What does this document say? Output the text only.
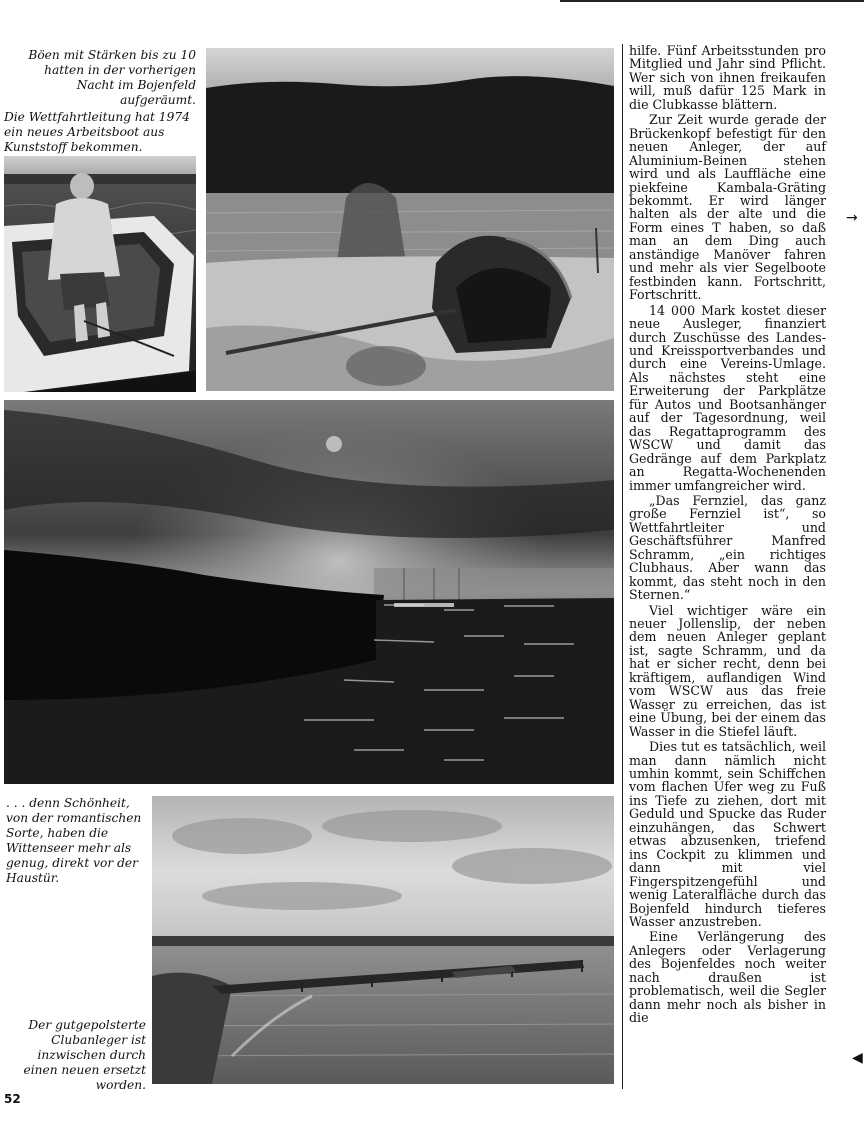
Böen mit Stärken bis zu 10 hatten in der vorherigen Nacht im Bojenfeld aufgeräumt.

Die Wettfahrtleitung hat 1974 ein neues Arbeitsboot aus Kunststoff bekommen.

. . . denn Schönheit, von der romantischen Sorte, haben die Wittenseer mehr als genug, direkt vor der Haustür.

Der gutgepolsterte Clubanleger ist inzwischen durch einen neuen ersetzt worden.

hilfe. Fünf Arbeitsstunden pro Mitglied und Jahr sind Pflicht. Wer sich von ihnen freikaufen will, muß dafür 125 Mark in die Clubkasse blättern.

Zur Zeit wurde gerade der Brückenkopf befestigt für den neuen Anleger, der auf Aluminium-Beinen stehen wird und als Lauffläche eine piekfeine Kambala-Gräting bekommt. Er wird länger halten als der alte und die Form eines T haben, so daß man an dem Ding auch anständige Manöver fahren und mehr als vier Segelboote festbinden kann. Fortschritt, Fortschritt.

14 000 Mark kostet dieser neue Ausleger, finanziert durch Zuschüsse des Landes- und Kreissportverbandes und durch eine Vereins-Umlage. Als nächstes steht eine Erweiterung der Parkplätze für Autos und Bootsanhänger auf der Tagesordnung, weil das Regattaprogramm des WSCW und damit das Gedränge auf dem Parkplatz an Regatta-Wochenenden immer umfangreicher wird.

„Das Fernziel, das ganz große Fernziel ist“, so Wettfahrtleiter und Geschäftsführer Manfred Schramm, „ein richtiges Clubhaus. Aber wann das kommt, das steht noch in den Sternen.“

Viel wichtiger wäre ein neuer Jollenslip, der neben dem neuen Anleger geplant ist, sagte Schramm, und da hat er sicher recht, denn bei kräftigem, auflandigen Wind vom WSCW aus das freie Wasser zu erreichen, das ist eine Übung, bei der einem das Wasser in die Stiefel läuft.

Dies tut es tatsächlich, weil man dann nämlich nicht umhin kommt, sein Schiffchen vom flachen Ufer weg zu Fuß ins Tiefe zu ziehen, dort mit Geduld und Spucke das Ruder einzuhängen, das Schwert etwas abzusenken, triefend ins Cockpit zu klimmen und dann mit viel Fingerspitzengefühl und wenig Lateralfläche durch das Bojenfeld hindurch tieferes Wasser anzustreben.

Eine Verlängerung des Anlegers oder Verlagerung des Bojenfeldes noch weiter nach draußen ist problematisch, weil die Segler dann mehr noch als bisher in die

→
◀
52
